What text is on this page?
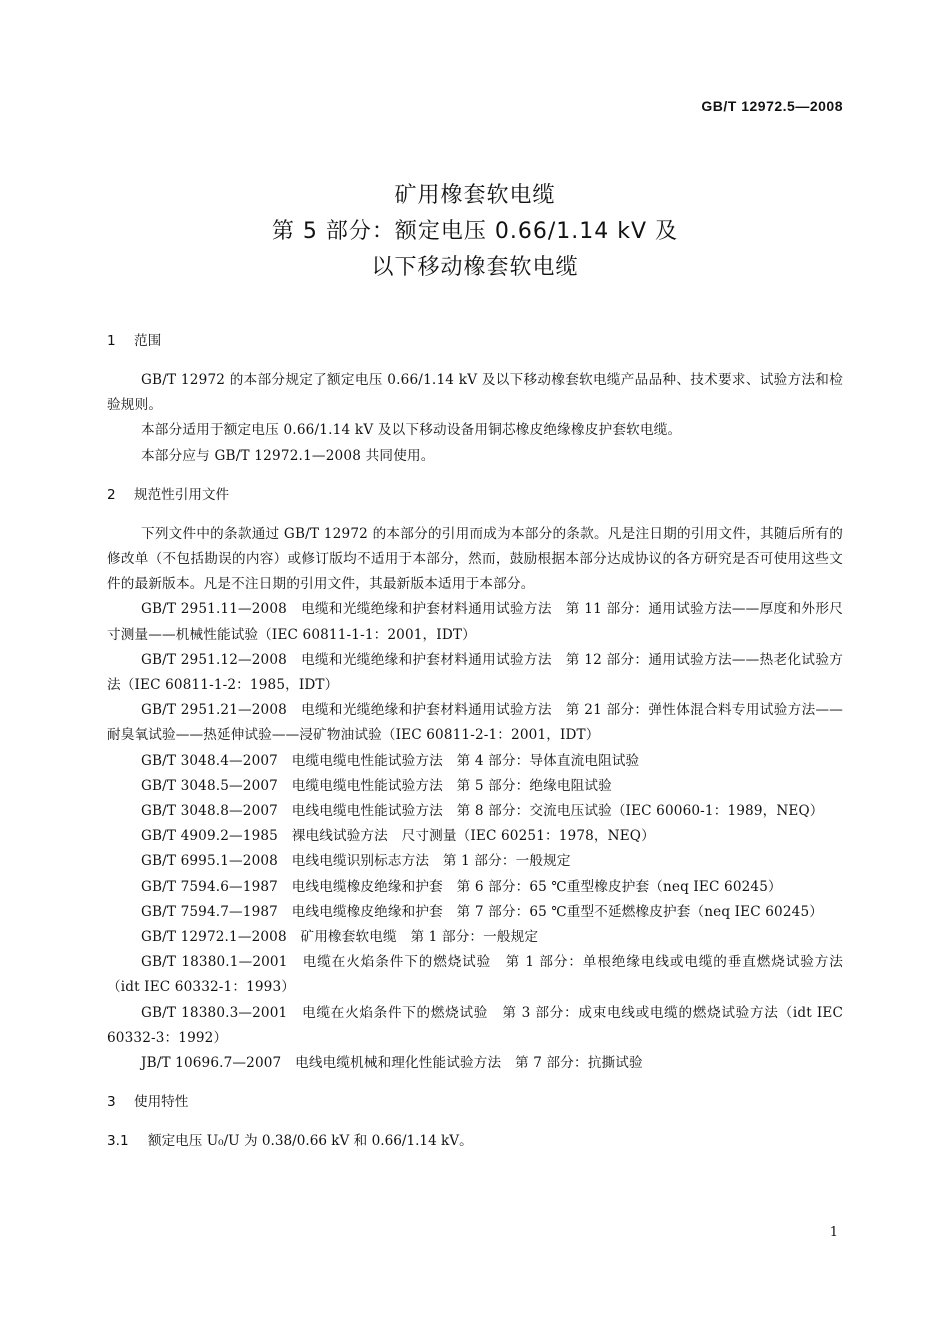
GB/T 12972.5—2008
矿用橡套软电缆
第 5 部分：额定电压 0.66/1.14 kV 及
以下移动橡套软电缆
1 范围
GB/T 12972 的本部分规定了额定电压 0.66/1.14 kV 及以下移动橡套软电缆产品品种、技术要求、试验方法和检验规则。
本部分适用于额定电压 0.66/1.14 kV 及以下移动设备用铜芯橡皮绝缘橡皮护套软电缆。
本部分应与 GB/T 12972.1—2008 共同使用。
2 规范性引用文件
下列文件中的条款通过 GB/T 12972 的本部分的引用而成为本部分的条款。凡是注日期的引用文件，其随后所有的修改单（不包括勘误的内容）或修订版均不适用于本部分，然而，鼓励根据本部分达成协议的各方研究是否可使用这些文件的最新版本。凡是不注日期的引用文件，其最新版本适用于本部分。
GB/T 2951.11—2008　电缆和光缆绝缘和护套材料通用试验方法　第 11 部分：通用试验方法——厚度和外形尺寸测量——机械性能试验（IEC 60811-1-1：2001，IDT）
GB/T 2951.12—2008　电缆和光缆绝缘和护套材料通用试验方法　第 12 部分：通用试验方法——热老化试验方法（IEC 60811-1-2：1985，IDT）
GB/T 2951.21—2008　电缆和光缆绝缘和护套材料通用试验方法　第 21 部分：弹性体混合料专用试验方法——耐臭氧试验——热延伸试验——浸矿物油试验（IEC 60811-2-1：2001，IDT）
GB/T 3048.4—2007　电缆电缆电性能试验方法　第 4 部分：导体直流电阻试验
GB/T 3048.5—2007　电缆电缆电性能试验方法　第 5 部分：绝缘电阻试验
GB/T 3048.8—2007　电线电缆电性能试验方法　第 8 部分：交流电压试验（IEC 60060-1：1989，NEQ）
GB/T 4909.2—1985　裸电线试验方法　尺寸测量（IEC 60251：1978，NEQ）
GB/T 6995.1—2008　电线电缆识别标志方法　第 1 部分：一般规定
GB/T 7594.6—1987　电线电缆橡皮绝缘和护套　第 6 部分：65 ℃重型橡皮护套（neq IEC 60245）
GB/T 7594.7—1987　电线电缆橡皮绝缘和护套　第 7 部分：65 ℃重型不延燃橡皮护套（neq IEC 60245）
GB/T 12972.1—2008　矿用橡套软电缆　第 1 部分：一般规定
GB/T 18380.1—2001　电缆在火焰条件下的燃烧试验　第 1 部分：单根绝缘电线或电缆的垂直燃烧试验方法（idt IEC 60332-1：1993）
GB/T 18380.3—2001　电缆在火焰条件下的燃烧试验　第 3 部分：成束电线或电缆的燃烧试验方法（idt IEC 60332-3：1992）
JB/T 10696.7—2007　电线电缆机械和理化性能试验方法　第 7 部分：抗撕试验
3 使用特性
3.1 额定电压 U₀/U 为 0.38/0.66 kV 和 0.66/1.14 kV。
1
